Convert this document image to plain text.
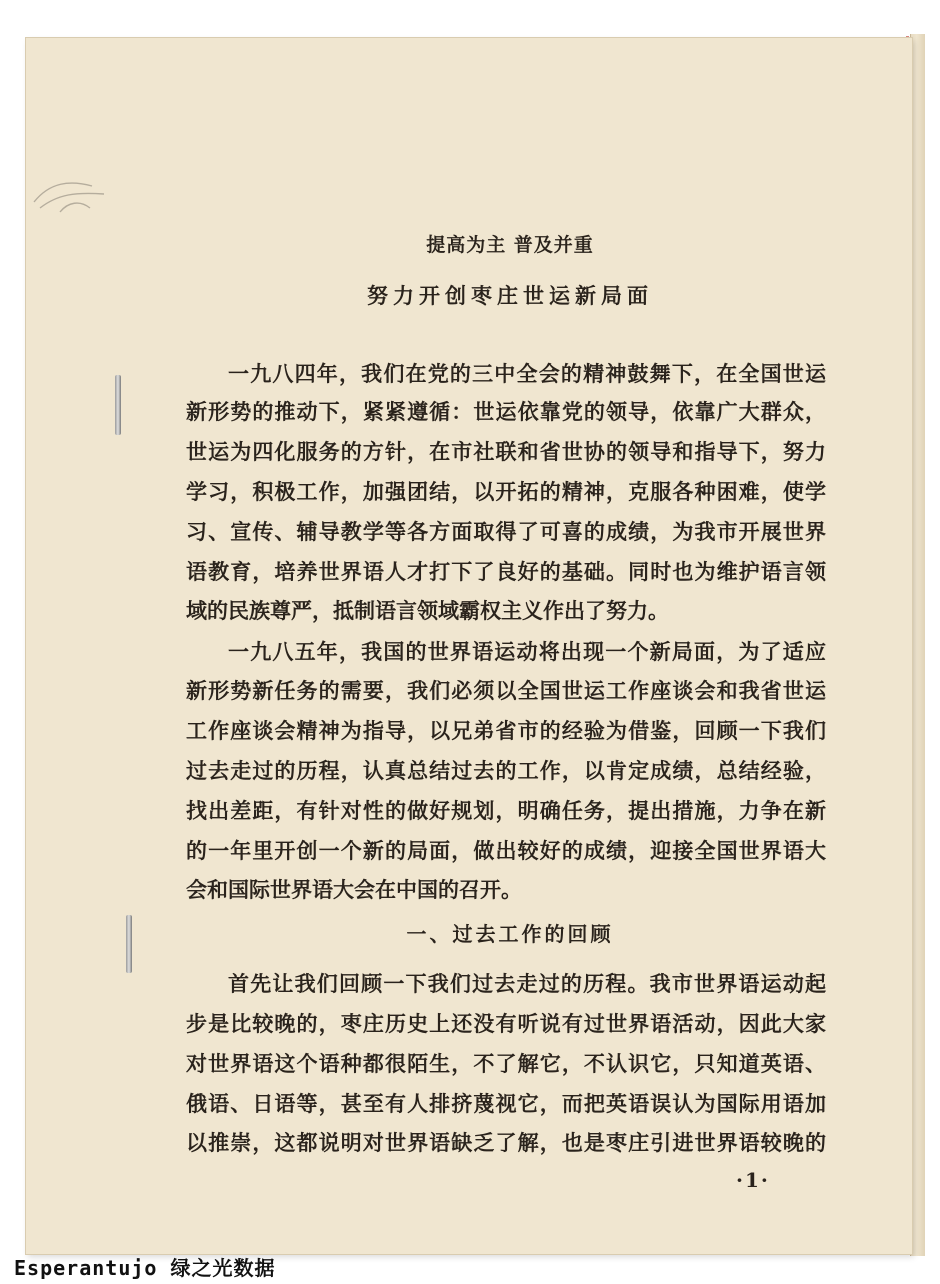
提高为主 普及并重
努力开创枣庄世运新局面
一九八四年，我们在党的三中全会的精神鼓舞下，在全国世运
新形势的推动下，紧紧遵循：世运依靠党的领导，依靠广大群众，
世运为四化服务的方针，在市社联和省世协的领导和指导下，努力
学习，积极工作，加强团结，以开拓的精神，克服各种困难，使学
习、宣传、辅导教学等各方面取得了可喜的成绩，为我市开展世界
语教育，培养世界语人才打下了良好的基础。同时也为维护语言领
域的民族尊严，抵制语言领域霸权主义作出了努力。
一九八五年，我国的世界语运动将出现一个新局面，为了适应
新形势新任务的需要，我们必须以全国世运工作座谈会和我省世运
工作座谈会精神为指导，以兄弟省市的经验为借鉴，回顾一下我们
过去走过的历程，认真总结过去的工作，以肯定成绩，总结经验，
找出差距，有针对性的做好规划，明确任务，提出措施，力争在新
的一年里开创一个新的局面，做出较好的成绩，迎接全国世界语大
会和国际世界语大会在中国的召开。
一、过去工作的回顾
首先让我们回顾一下我们过去走过的历程。我市世界语运动起
步是比较晚的，枣庄历史上还没有听说有过世界语活动，因此大家
对世界语这个语种都很陌生，不了解它，不认识它，只知道英语、
俄语、日语等，甚至有人排挤蔑视它，而把英语误认为国际用语加
以推崇，这都说明对世界语缺乏了解，也是枣庄引进世界语较晚的
·1·
Esperantujo 绿之光数据
